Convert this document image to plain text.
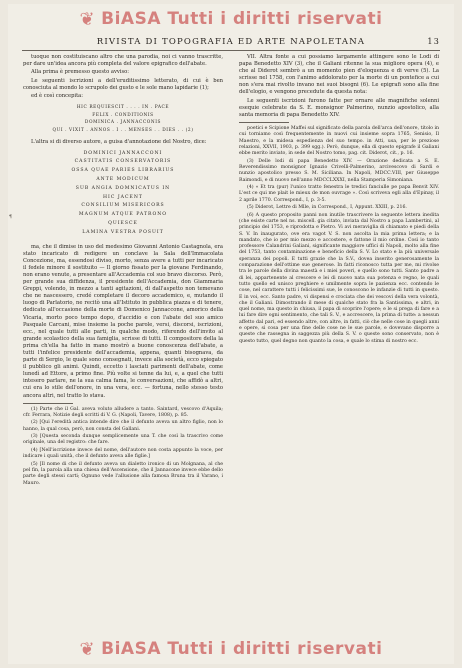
❦ BiASA Tutti i diritti riservati
RIVISTA DI TOPOGRAFIA ED ARTE NAPOLETANA	13
¶

tuoque non costituiscano altro che una parodia, noi ci vanno trascritte, per dare un'idea ancora più completa del valore epigrafico dell'abate.

Alla prima è premesso questo avviso:

Le seguenti iscrizioni a dell'eruditissimo letterato, di cui è ben conosciuta al mondo lo scrupolo dei gusto e le sole mano lapidarie (1);

ed è così concepita:

HIC REQUIESCIT . . . . IN . PACE
FELIX . CONDITIONIS
DOMINICA . JANNACCONIS
QUI . VIXIT . ANNOS . I . . MENSES . . DIES . . (2)

L'altra si di diverso autore, a guisa d'annotazione del Nostro, dice:

DOMINICI JANNACCONI
CASTITATIS CONSERVATORIS
OSSA QUAE PARIES LIBRARIUS
ANTE MODICUM
SUB ANGIA DOMNICATUS IN
HIC JACENT
CONSILIUM MISERICORS
MAGNUM ATQUE PATRONO
QUIESCE
LAMINA VESTRA POSUIT

ma, che il dimise in uso del medesimo Giovanni Antonio Castagnola, era stato incaricato di redigere un conclave la Sala dell'Immacolata Concezione, ma, essendosi diviso, morto, senza avere a tutti per incaricato il fedele minore il sostituito — Il giorno fissato per la giovane Ferdinando, non erano venute, a presentare all'Accademia col suo bravo discorso. Però, per grande sua diffidenza, il presidente dell'Accademia, don Giammaria Greppi, volendo, in mezzo a tanti agitazioni, di dall'aspetto non temevano che ne nascessero, credé completare il decoro accademico, e, mutando il luogo di Parlatorio, ne recitò una all'Istituto in pubblica piazza e di tenere, dedicato all'occasione della morte di Domenico Jannaccone, amorico della Vicaria, morto poco tempo dopo, d'accidio e con l'abate del suo amico Pasquale Carcani, mise insieme la poche parole, versi, discorsi, iscrizioni, ecc., nel quale tutti alle parti, in qualche modo, riferendo dell'invito al grande scolastico della sua famiglia, scrisse di tutti. Il compositore della la prima ch'ella ha fatto in mano mostrò a buone conoscenza dell'abate, a tutti l'infelice presidente dell'accademia, appena, quanti bisognava, da parte di Sergio, le quale sono consegnati, invece alla società, ecco spiegato il pubblico gli animi. Quindi, eccetto i lasciati parimenti dell'abate, come lunedì ad Ettore, a primo fine. Più volte si tenne da lui, e, a quel che tutti intesero parlare, ne la sua calma fama, le conversazioni, che affidò a altri, cui era lo stile dell'onore, in una vera, ecc. — fortuna, nello stesso testo ancora altri, nel tratto lo stava.

(1) Parte che il Gal. aveva voluto alludere a tanto. Saintard, vescovo d'Aquila; cfr. Ferrara, Notizie degli scritti di V. G. (Napoli, Tavere, 1808), p. 85.

(2) [Qui l'eredità antica intende dire che il defunto aveva un altro figlio, non lo hanno, la qual cosa, però, non consta del Gallani.

(3) [Questa seconda dunque semplicemente una T. che così la trascrivo come originale, una del registro: che fare.

(4) [Nell'iscrizione invece del nome, dell'autore non costa appunto la voce, per indicare i quali unità, che il defunto aveva alle figlie.]

(5) [Il nome di che il defunto aveva un dialetto ironico di un Molgnana, al che pel fin, la parola alla una chiesa dell'Ascensione, che il Jannacone invece ebbe dello parte degli stessi carti; Ognuno vede l'allusione alla famosa Bruna tra il Varano, i Mauro.

VII. Altra fonte a cui possiamo largamente attingere sono le Lodi di papa Benedetto XIV (3), che il Galiani ritenne la sua migliore opera (4), e che al Diderot sembrò a un momento pien d'eloquenza e di verve (5). La scrisse nel 1758, con l'animo addolorato per la morte di un pontefice a cui non s'era mai rivolto invano nei suoi bisogni (6). Le epigrafi sono alla fine dell'elogio, e vengono precedute da questa nota:

Le seguenti iscrizioni furono fatte per ornare alle magnifiche solenni esequie celebrate da S. E. monsignor Palmerino, nunzio apostolico, alla santa memoria di papa Benedetto XIV.

poetici e Scipione Maffei sul significato della parola dell'arca dell'onore, titolo in cui torniamo così frequentemente in nuovi cui insieme sopra 1765, Senisio, Il Maestro, e la midesa espedienza del suo tempo. in Atti, usa, per le preziose relazioni, XXVII, 1903, p. 399 sgg.). Però, dunque, ella di questo epigrafe il Galiani ebbe merito inviato, in sede del Nostro tomo, pag. cit. Diderot, cit., p. 16.

(3) Delle lodi di papa Benedetto XIV. — Orazione dedicata a S. E. Reverendissimo monsignor Ignazio Crivelli-Palmerino, arcivescovo di Sardi e nunzio apostolico presso S. M. Siciliana. In Napoli, MDCC.VIII, per Giuseppe Raimondi, e di nuovo nell'anno MDCCLXXXI, nella Stamperia Simoniana.

(4) « Et tra (pur) l'unico tratto fenestra le tredici fanciulle pe papa Benvit XIV. L'est ce qui me plait le mieux de mon ouvrage ». Così scriveva egli alla d'Epinay, il 2 aprile 1770. Correspond., I, p. 3-5.

(5) Diderot, Lettre di Mlle, in Correspond., I, Appunt. XXIII, p. 216.

(6) A questo proposito panni non inutile trascrivere la seguente lettera inedita (che esiste carte nel ns. miscell. gia citato, inviata dal Nostro a papa Lambertini, al principio del 1753, e riprodotta e Pietro. Vi avi meraviglia di chiamato e piedi della S. V. In inaugurato, ove era vagot V. S. non ascolta la mia prima lettera; e la mandato, che io per mio mezzo e accostere, e fattone il mio ordine. Così io tanto professore Calandrini Galiani, significante maggiore uffici di Napoli, molto alla fine del 1753, tanto contaminazione e beneficio della S. V. Lo stato e la più universale speranza dei popoli. E tutti grazie che la S.V., dovea inserito generosamente la comparazione dell'ottime sue generose. In fatti riconosco tutta per me, mi rivolse tra le parole della divina maestà e i miei poveri, e quello sono tutti. Santo padre a di lei, appartenente al crescere e lei di nuovo nata sua potenza e regno, le quali tutto quello ed unisco preghiere e umilmente sopra le pazienza ecc. contendo le cose, nel carattere tutti i felicissimi sue, le conoscono le infanzie di tutti in questo. E in voi, ecc. Santo padre, vi dispensi e crociata che dei vescovi della vera volontà, che il Galiani. Dimostrando il mese di qualche stato fra la Santissima, e altri, in quel nome, ma questo in chiusa, il papa di scoprire l'opere; e le si prega di fare e a lui fare dire ogni sentimento, che tali S. V., e accrescere, la prima di tutte: a nessun affetto dal pari, ed essendo altre, con altre, in fatti, ciò che nelle cose in quegli anni e opere, si cosa per una fine delle cose ne le sue parole, e dovevano disporre a queste che rassegna in saggezza più della S. V. o queste sono conservato, non è questo tutto, quel degno non quanto la cosa, e quale lo stima di nostro ecc.

❦ BiASA Tutti i diritti riservati
